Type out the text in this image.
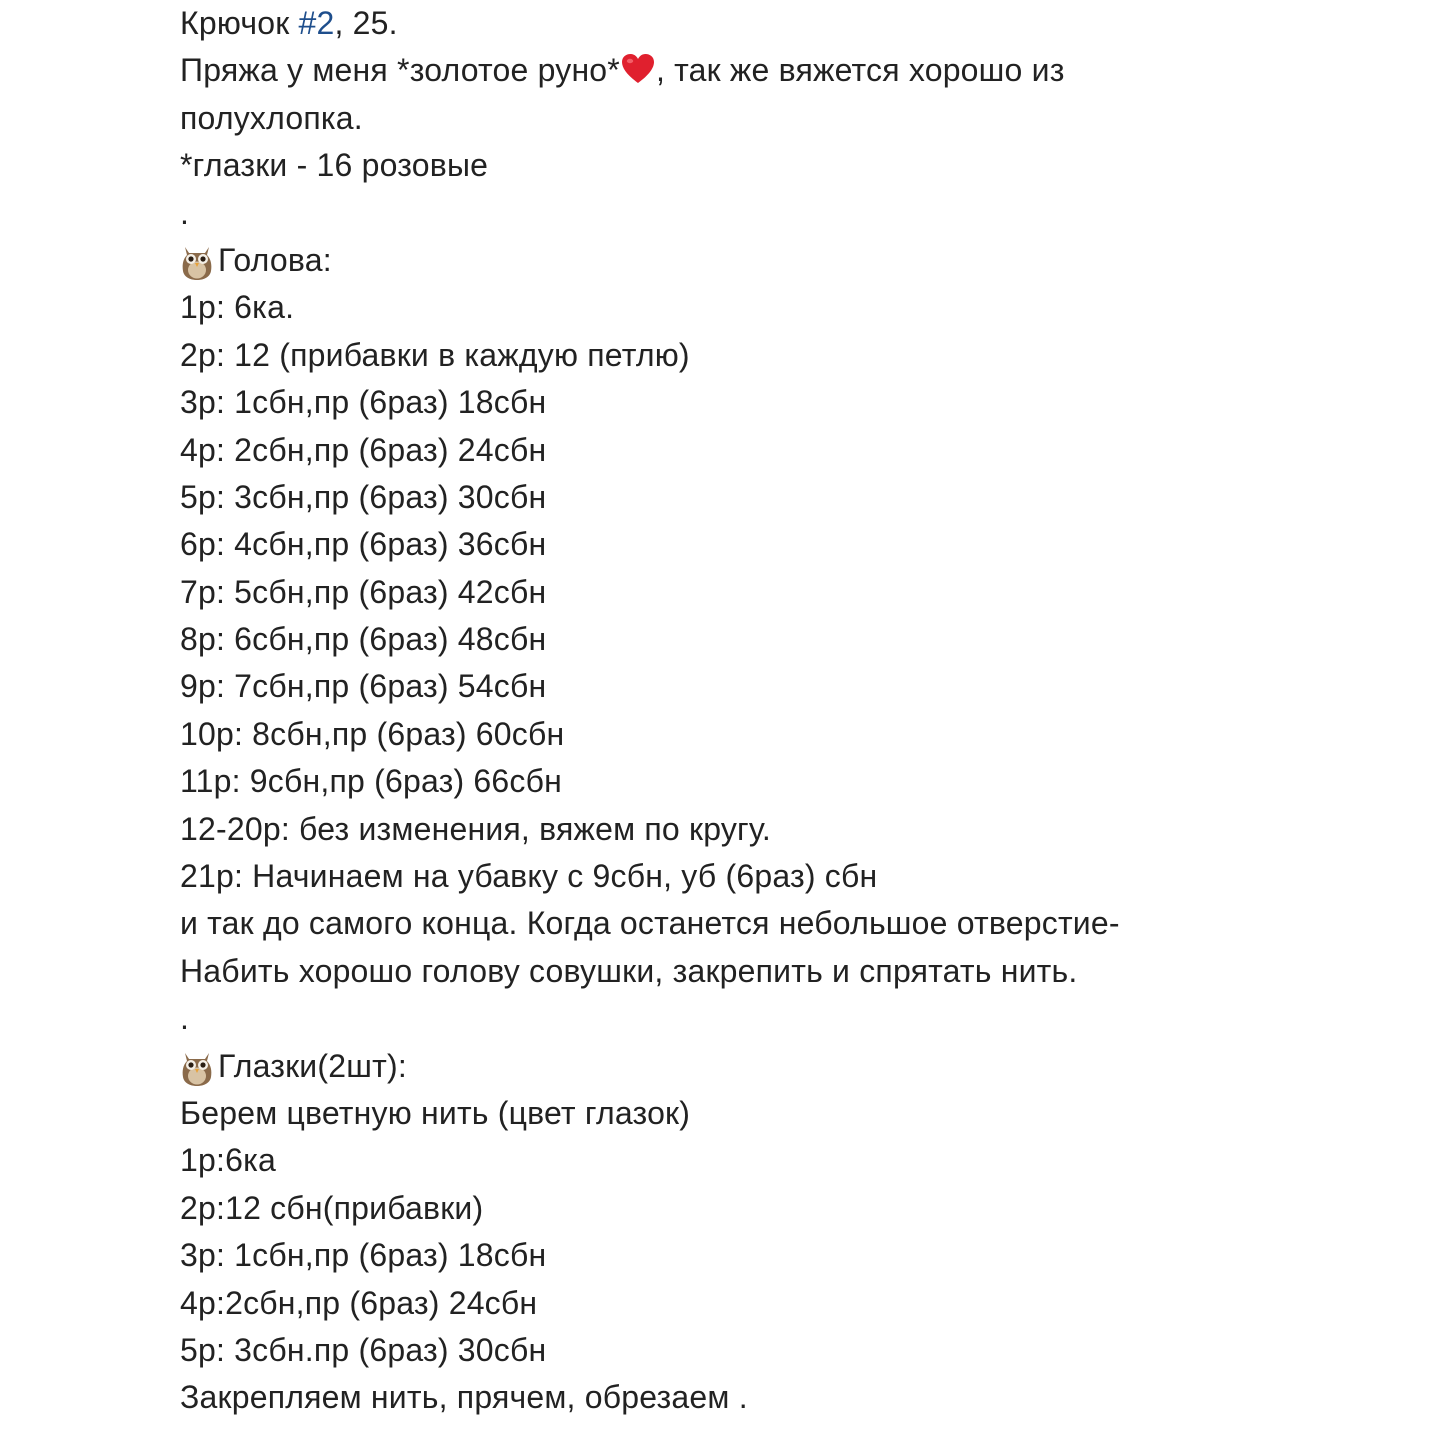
Крючок #2, 25.
Пряжа у меня *золотое руно* , так же вяжется хорошо из
полухлопка.
*глазки - 16 розовые
.
Голова:
1р: 6ка.
2р: 12 (прибавки в каждую петлю)
3р: 1сбн,пр (6раз) 18сбн
4р: 2сбн,пр (6раз) 24сбн
5р: 3сбн,пр (6раз) 30сбн
6р: 4сбн,пр (6раз) 36сбн
7р: 5сбн,пр (6раз) 42сбн
8р: 6сбн,пр (6раз) 48сбн
9р: 7сбн,пр (6раз) 54сбн
10р: 8сбн,пр (6раз) 60сбн
11р: 9сбн,пр (6раз) 66сбн
12-20р: без изменения, вяжем по кругу.
21р: Начинаем на убавку с 9сбн, уб (6раз) сбн
и так до самого конца. Когда останется небольшое отверстие-
Набить хорошо голову совушки, закрепить и спрятать нить.
.
Глазки(2шт):
Берем цветную нить (цвет глазок)
1р:6ка
2р:12 сбн(прибавки)
3р: 1сбн,пр (6раз) 18сбн
4р:2сбн,пр (6раз) 24сбн
5р: 3сбн.пр (6раз) 30сбн
Закрепляем нить, прячем, обрезаем .
